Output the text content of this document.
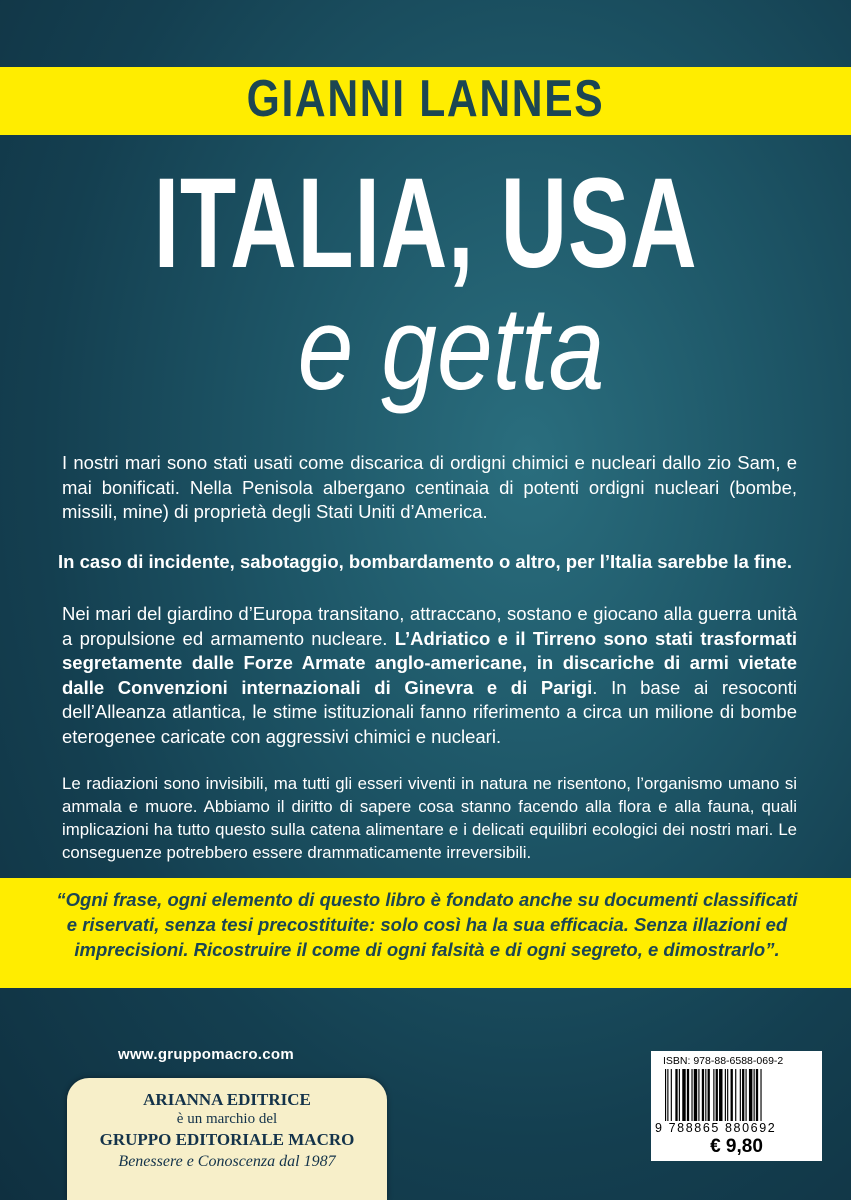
GIANNI LANNES
ITALIA, USA
e getta
I nostri mari sono stati usati come discarica di ordigni chimici e nucleari dallo zio Sam, e mai bonificati. Nella Penisola albergano centinaia di potenti ordigni nucleari (bombe, missili, mine) di proprietà degli Stati Uniti d’America.
In caso di incidente, sabotaggio, bombardamento o altro, per l’Italia sarebbe la fine.
Nei mari del giardino d’Europa transitano, attraccano, sostano e giocano alla guerra unità a propulsione ed armamento nucleare. L’Adriatico e il Tirreno sono stati trasformati segretamente dalle Forze Armate anglo-americane, in discariche di armi vietate dalle Convenzioni internazionali di Ginevra e di Parigi. In base ai resoconti dell’Alleanza atlantica, le stime istituzionali fanno riferimento a circa un milione di bombe eterogenee caricate con aggressivi chimici e nucleari.
Le radiazioni sono invisibili, ma tutti gli esseri viventi in natura ne risentono, l’organismo umano si ammala e muore. Abbiamo il diritto di sapere cosa stanno facendo alla flora e alla fauna, quali implicazioni ha tutto questo sulla catena alimentare e i delicati equilibri ecologici dei nostri mari. Le conseguenze potrebbero essere drammaticamente irreversibili.
“Ogni frase, ogni elemento di questo libro è fondato anche su documenti classificati e riservati, senza tesi precostituite: solo così ha la sua efficacia. Senza illazioni ed imprecisioni. Ricostruire il come di ogni falsità e di ogni segreto, e dimostrarlo”.
www.gruppomacro.com
ARIANNA EDITRICE
è un marchio del
GRUPPO EDITORIALE MACRO
Benessere e Conoscenza dal 1987
ISBN: 978-88-6588-069-2
9 788865 880692
€ 9,80
